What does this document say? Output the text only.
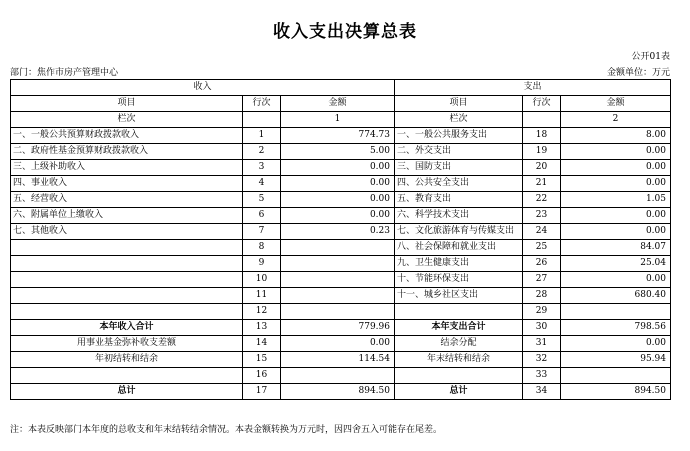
收入支出决算总表
公开01表
部门：焦作市房产管理中心	金额单位：万元
收入			支出		
项目	行次	金额	项目	行次	金额
栏次		1	栏次		2
一、一般公共预算财政拨款收入	1	774.73	一、一般公共服务支出	18	8.00
二、政府性基金预算财政拨款收入	2	5.00	二、外交支出	19	0.00
三、上级补助收入	3	0.00	三、国防支出	20	0.00
四、事业收入	4	0.00	四、公共安全支出	21	0.00
五、经营收入	5	0.00	五、教育支出	22	1.05
六、附属单位上缴收入	6	0.00	六、科学技术支出	23	0.00
七、其他收入	7	0.23	七、文化旅游体育与传媒支出	24	0.00
	8		八、社会保障和就业支出	25	84.07
	9		九、卫生健康支出	26	25.04
	10		十、节能环保支出	27	0.00
	11		十一、城乡社区支出	28	680.40
	12			29	
本年收入合计	13	779.96	本年支出合计	30	798.56
用事业基金弥补收支差额	14	0.00	结余分配	31	0.00
年初结转和结余	15	114.54	年末结转和结余	32	95.94
	16			33	
总计	17	894.50	总计	34	894.50
注：本表反映部门本年度的总收支和年末结转结余情况。本表金额转换为万元时，因四舍五入可能存在尾差。
